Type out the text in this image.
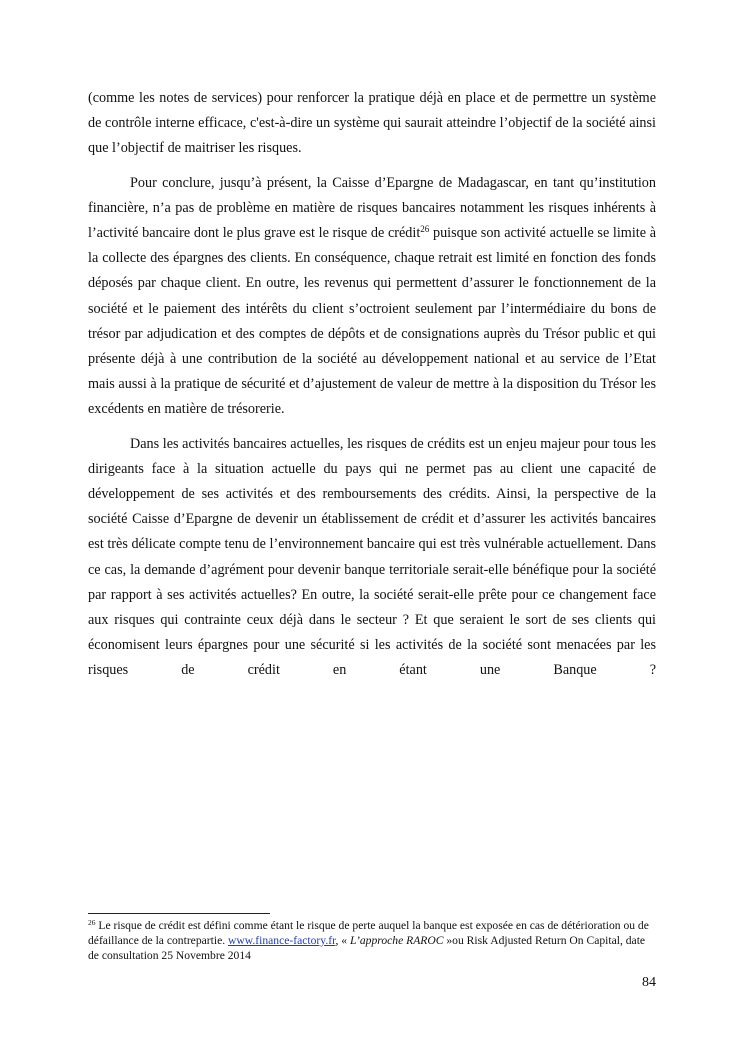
(comme les notes de services) pour renforcer la pratique déjà en place et de permettre un système de contrôle interne efficace, c'est-à-dire un système qui saurait atteindre l’objectif de la société ainsi que l’objectif de maitriser les risques.

Pour conclure, jusqu’à présent, la Caisse d’Epargne de Madagascar, en tant qu’institution financière, n’a pas de problème en matière de risques bancaires notamment les risques inhérents à l’activité bancaire dont le plus grave est le risque de crédit$^{26}$ puisque son activité actuelle se limite à la collecte des épargnes des clients. En conséquence, chaque retrait est limité en fonction des fonds déposés par chaque client. En outre, les revenus qui permettent d’assurer le fonctionnement de la société et le paiement des intérêts du client s’octroient seulement par l’intermédiaire du bons de trésor par adjudication et des comptes de dépôts et de consignations auprès du Trésor public et qui présente déjà à une contribution de la société au développement national et au service de l’Etat mais aussi à la pratique de sécurité et d’ajustement de valeur de mettre à la disposition du Trésor les excédents en matière de trésorerie.

Dans les activités bancaires actuelles, les risques de crédits est un enjeu majeur pour tous les dirigeants face à la situation actuelle du pays qui ne permet pas au client une capacité de développement de ses activités et des remboursements des crédits. Ainsi, la perspective de la société Caisse d’Epargne de devenir un établissement de crédit et d’assurer les activités bancaires est très délicate compte tenu de l’environnement bancaire qui est très vulnérable actuellement. Dans ce cas, la demande d’agrément pour devenir banque territoriale serait-elle bénéfique pour la société par rapport à ses activités actuelles? En outre, la société serait-elle prête pour ce changement face aux risques qui contrainte ceux déjà dans le secteur ? Et que seraient le sort de ses clients qui économisent leurs épargnes pour une sécurité si les activités de la société sont menacées par les risques de crédit en étant une Banque ?

$^{26}$ Le risque de crédit est défini comme étant le risque de perte auquel la banque est exposée en cas de détérioration ou de défaillance de la contrepartie. www.finance-factory.fr, « L’approche RAROC »ou Risk Adjusted Return On Capital, date de consultation 25 Novembre 2014
84
